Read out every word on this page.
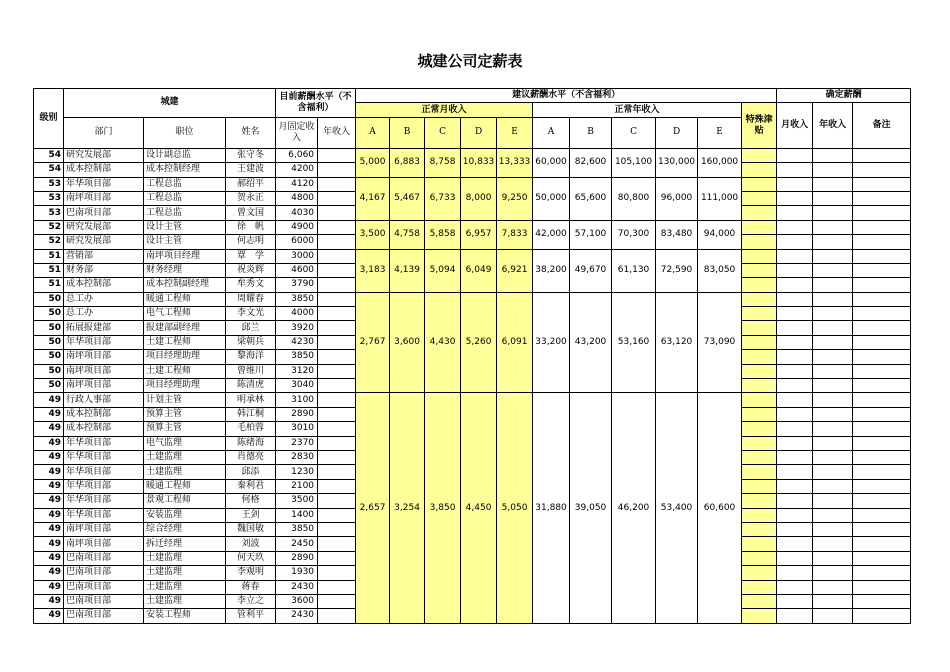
城建公司定薪表
级别	城建			目前薪酬水平（不含福利）		建议薪酬水平（不含福利）											确定薪酬		
						正常月收入					正常年收入					特殊津贴	月收入	年收入	备注
	部门	职位	姓名	月固定收入	年收入	A	B	C	D	E	A	B	C	D	E				
54	研究发展部	设计副总监	张守冬	6,060		5,000	6,883	8,758	10,833	13,333	60,000	82,600	105,100	130,000	160,000				
54	成本控制部	成本控制经理	王建波	4200															
53	年华项目部	工程总监	郝绍平	4120		4,167	5,467	6,733	8,000	9,250	50,000	65,600	80,800	96,000	111,000				
53	南坪项目部	工程总监	贺永正	4800															
53	巴南项目部	工程总监	曾文国	4030															
52	研究发展部	设计主管	徐　帆	4900		3,500	4,758	5,858	6,957	7,833	42,000	57,100	70,300	83,480	94,000				
52	研究发展部	设计主管	何志明	6000															
51	营销部	南坪项目经理	覃　学	3000		3,183	4,139	5,094	6,049	6,921	38,200	49,670	61,130	72,590	83,050				
51	财务部	财务经理	祝炎辉	4600															
51	成本控制部	成本控制副经理	牟秀文	3790															
50	总工办	暖通工程师	周耀春	3850		2,767	3,600	4,430	5,260	6,091	33,200	43,200	53,160	63,120	73,090				
50	总工办	电气工程师	李文光	4000															
50	拓展报建部	报建部副经理	邱兰	3920															
50	年华项目部	土建工程师	梁朝兵	4230															
50	南坪项目部	项目经理助理	黎海洋	3850															
50	南坪项目部	土建工程师	曾维川	3120															
50	南坪项目部	项目经理助理	陈清虎	3040															
49	行政人事部	计划主管	明承林	3100		2,657	3,254	3,850	4,450	5,050	31,880	39,050	46,200	53,400	60,600				
49	成本控制部	预算主管	韩江桐	2890															
49	成本控制部	预算主管	毛柏蓉	3010															
49	年华项目部	电气监理	陈绪海	2370															
49	年华项目部	土建监理	肖德亮	2830															
49	年华项目部	土建监理	邱添	1230															
49	年华项目部	暖通工程师	秦利君	2100															
49	年华项目部	景观工程师	何格	3500															
49	年华项目部	安装监理	王剑	1400															
49	南坪项目部	综合经理	魏国敏	3850															
49	南坪项目部	拆迁经理	刘波	2450															
49	巴南项目部	土建监理	何天玖	2890															
49	巴南项目部	土建监理	李观明	1930															
49	巴南项目部	土建监理	蒋春	2430															
49	巴南项目部	土建监理	李立之	3600															
49	巴南项目部	安装工程师	管利平	2430															
